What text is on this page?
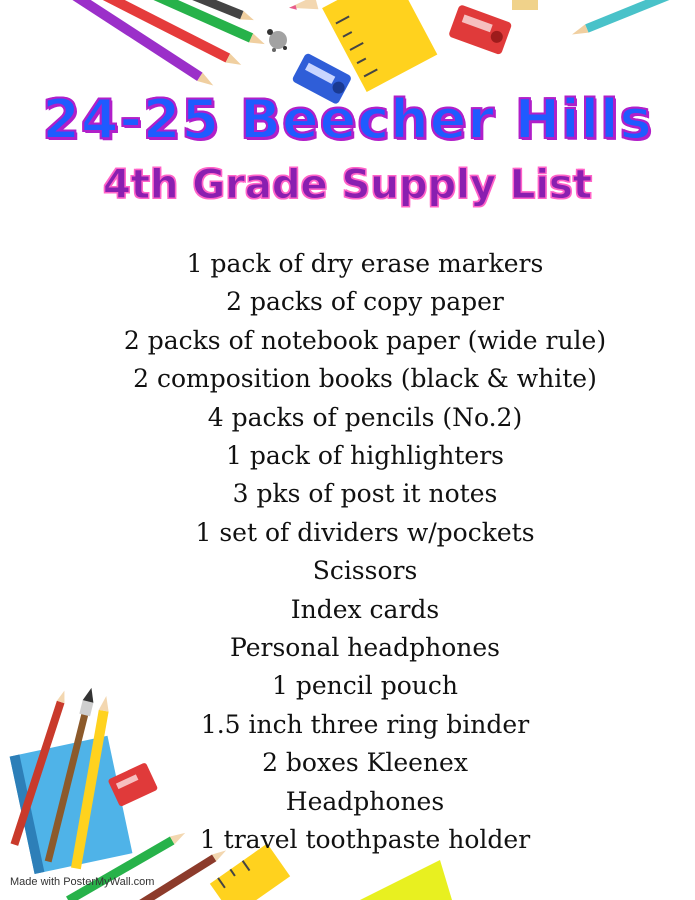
24-25 Beecher Hills
4th Grade Supply List
1 pack of dry erase markers
2 packs of copy paper
2 packs of notebook paper (wide rule)
2 composition books (black & white)
4 packs of pencils (No.2)
1 pack of highlighters
3 pks of post it notes
1 set of dividers w/pockets
Scissors
Index cards
Personal headphones
1 pencil pouch
1.5 inch three ring binder
2 boxes Kleenex
Headphones
1 travel toothpaste holder
Made with PosterMyWall.com
